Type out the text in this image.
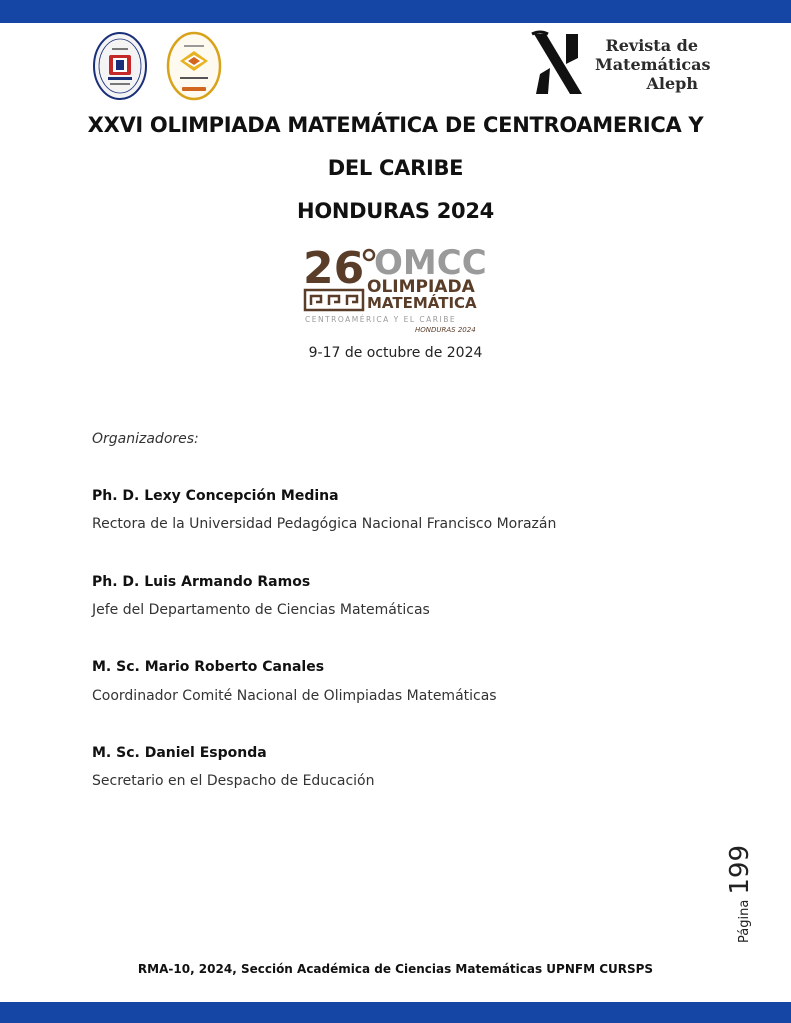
Revista de
Matemáticas
Aleph
XXVI OLIMPIADA MATEMÁTICA DE CENTROAMERICA Y
DEL CARIBE
HONDURAS 2024
26 OMCC
OLIMPIADA
MATEMÁTICA
CENTROAMÉRICA Y EL CARIBE
HONDURAS 2024
9-17 de octubre de 2024
Organizadores:
Ph. D. Lexy Concepción Medina
Rectora de la Universidad Pedagógica Nacional Francisco Morazán
Ph. D. Luis Armando Ramos
Jefe del Departamento de Ciencias Matemáticas
M. Sc. Mario Roberto Canales
Coordinador Comité Nacional de Olimpiadas Matemáticas
M. Sc. Daniel Esponda
Secretario en el Despacho de Educación
Página 199
RMA-10, 2024, Sección Académica de Ciencias Matemáticas UPNFM CURSPS
